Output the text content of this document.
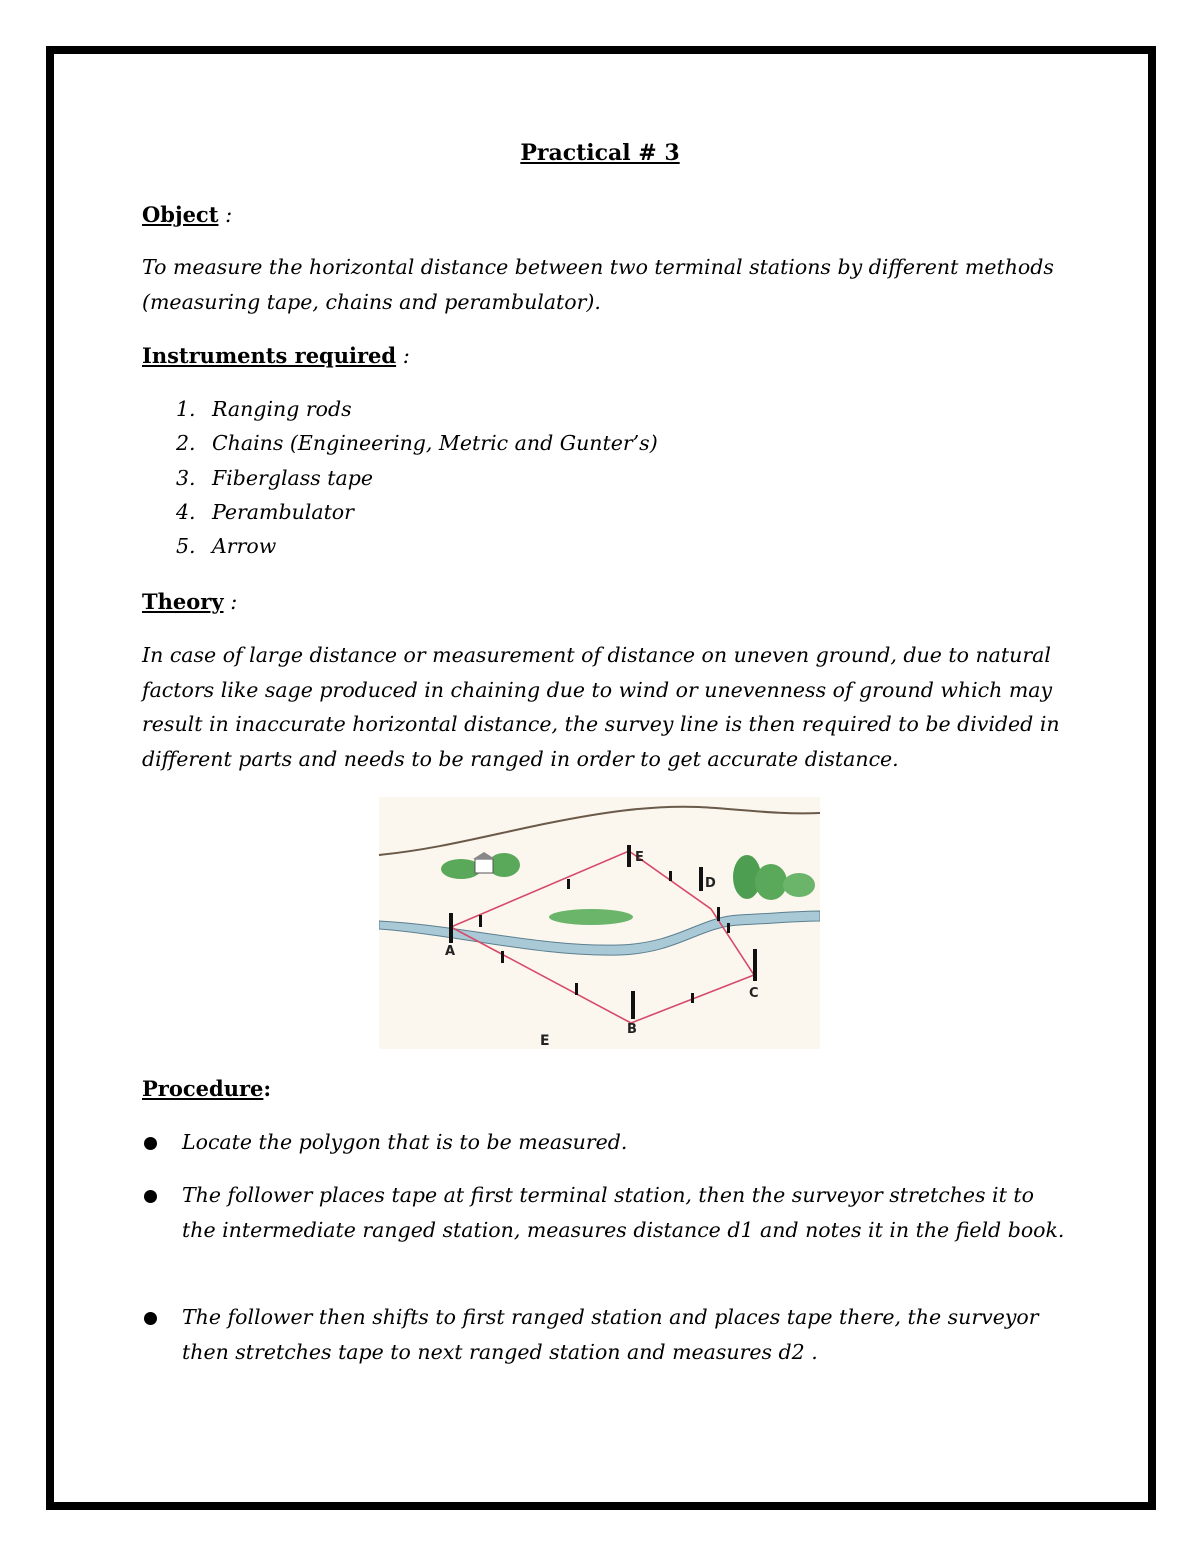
Practical # 3
Object :
To measure the horizontal distance between two terminal stations by different methods (measuring tape, chains and perambulator).
Instruments required :
1. Ranging rods
2. Chains (Engineering, Metric and Gunter’s)
3. Fiberglass tape
4. Perambulator
5. Arrow
Theory :
In case of large distance or measurement of distance on uneven ground, due to natural factors like sage produced in chaining due to wind or unevenness of ground which may result in inaccurate horizontal distance, the survey line is then required to be divided in different parts and needs to be ranged in order to get accurate distance.
Procedure:
Locate the polygon that is to be measured.
The follower places tape at first terminal station, then the surveyor stretches it to the intermediate ranged station, measures distance d1 and notes it in the field book.
The follower then shifts to first ranged station and places tape there, the surveyor then stretches tape to next ranged station and measures d2 .
A
B
C
D
E
E
